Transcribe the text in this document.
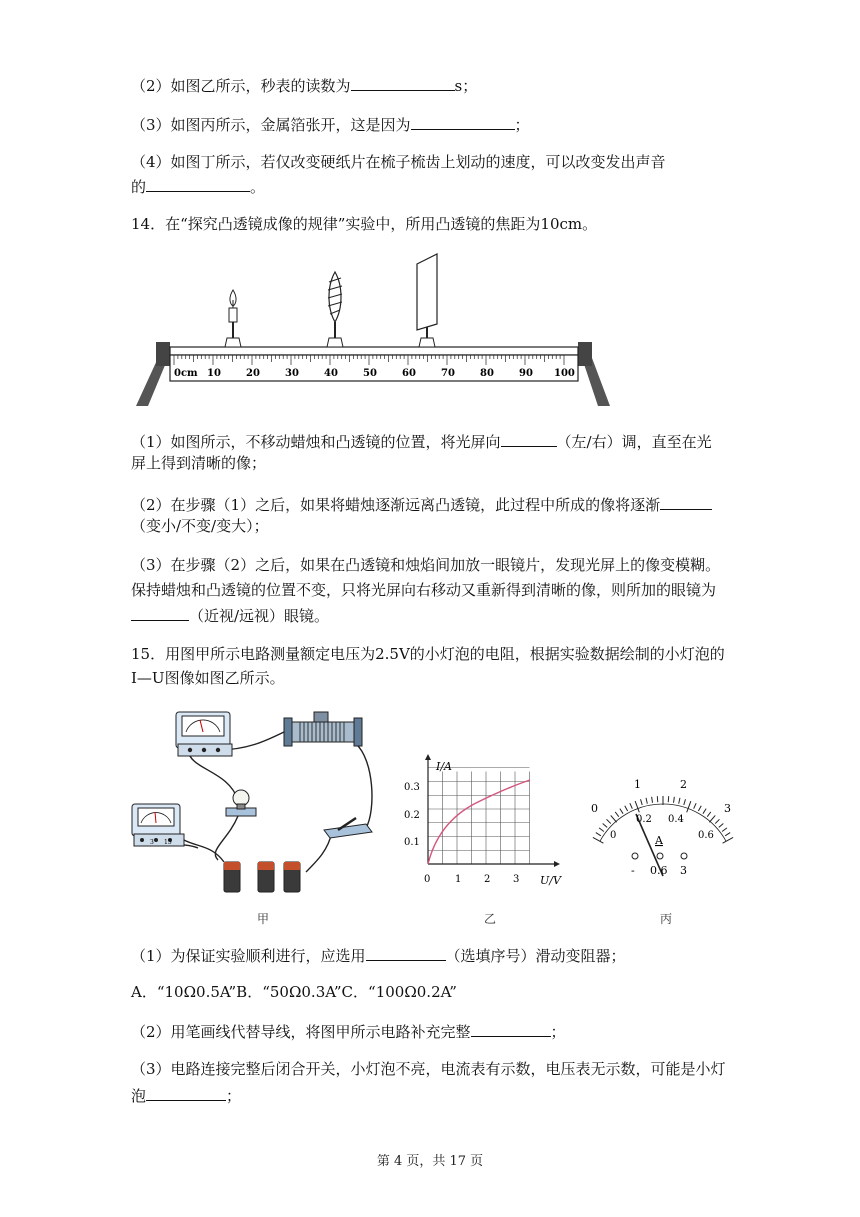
（2）如图乙所示，秒表的读数为	s；
（3）如图丙所示，金属箔张开，这是因为	；
（4）如图丁所示，若仅改变硬纸片在梳子梳齿上划动的速度，可以改变发出声音
的	。
14．在“探究凸透镜成像的规律”实验中，所用凸透镜的焦距为10cm。
0cm 10	20	30	40	50	60	70	80	90 100
（1）如图所示，不移动蜡烛和凸透镜的位置，将光屏向	（左/右）调，直至在光
屏上得到清晰的像；
（2）在步骤（1）之后，如果将蜡烛逐渐远离凸透镜，此过程中所成的像将逐渐
（变小/不变/变大）；
（3）在步骤（2）之后，如果在凸透镜和烛焰间加放一眼镜片，发现光屏上的像变模糊。
保持蜡烛和凸透镜的位置不变，只将光屏向右移动又重新得到清晰的像，则所加的眼镜为
（近视/远视）眼镜。
15．用图甲所示电路测量额定电压为2.5V的小灯泡的电阻，根据实验数据绘制的小灯泡的
I—U图像如图乙所示。
3 15
I/A
U/V
0.3
0.2
0.1
0 1 2 3
0
1	2
3
0
0.2 0.4
0.6
A
- 0.6 3
甲	乙	丙
（1）为保证实验顺利进行，应选用	（选填序号）滑动变阻器；
A．“10Ω0.5A”B．“50Ω0.3A”C．“100Ω0.2A”
（2）用笔画线代替导线，将图甲所示电路补充完整	；
（3）电路连接完整后闭合开关，小灯泡不亮，电流表有示数，电压表无示数，可能是小灯
泡	；
第 4 页，共 17 页
